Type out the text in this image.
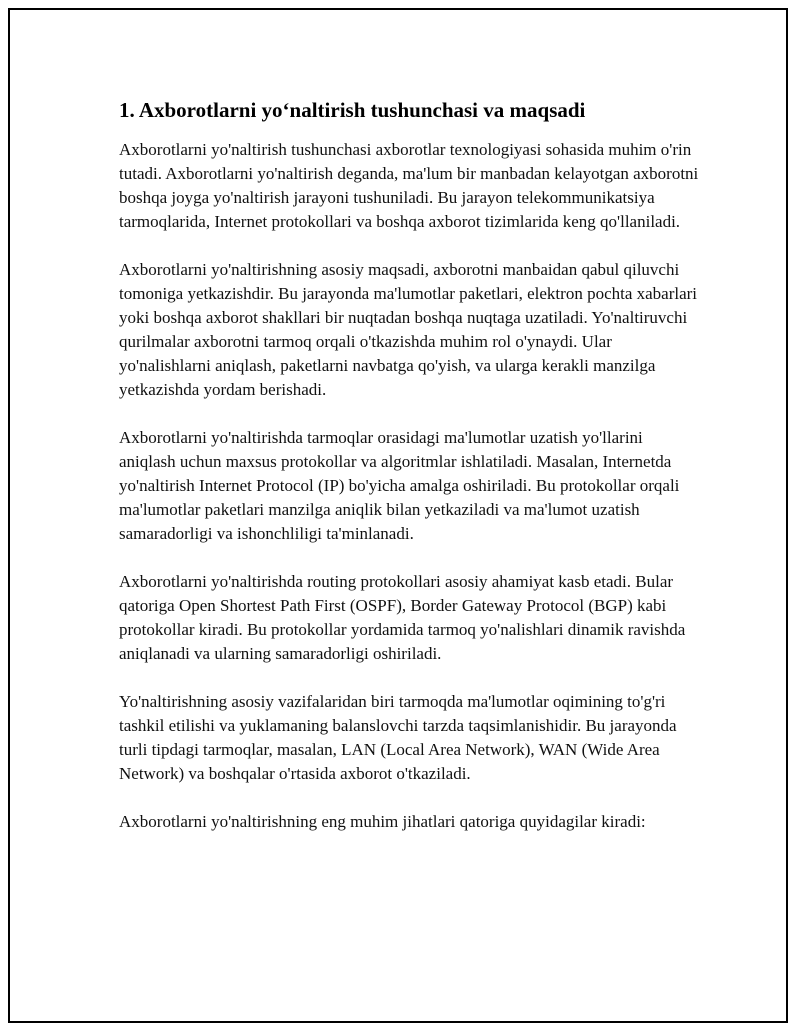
1. Axborotlarni yo‘naltirish tushunchasi va maqsadi

Axborotlarni yo'naltirish tushunchasi axborotlar texnologiyasi sohasida muhim o'rin tutadi. Axborotlarni yo'naltirish deganda, ma'lum bir manbadan kelayotgan axborotni boshqa joyga yo'naltirish jarayoni tushuniladi. Bu jarayon telekommunikatsiya tarmoqlarida, Internet protokollari va boshqa axborot tizimlarida keng qo'llaniladi.

Axborotlarni yo'naltirishning asosiy maqsadi, axborotni manbaidan qabul qiluvchi tomoniga yetkazishdir. Bu jarayonda ma'lumotlar paketlari, elektron pochta xabarlari yoki boshqa axborot shakllari bir nuqtadan boshqa nuqtaga uzatiladi. Yo'naltiruvchi qurilmalar axborotni tarmoq orqali o'tkazishda muhim rol o'ynaydi. Ular yo'nalishlarni aniqlash, paketlarni navbatga qo'yish, va ularga kerakli manzilga yetkazishda yordam berishadi.

Axborotlarni yo'naltirishda tarmoqlar orasidagi ma'lumotlar uzatish yo'llarini aniqlash uchun maxsus protokollar va algoritmlar ishlatiladi. Masalan, Internetda yo'naltirish Internet Protocol (IP) bo'yicha amalga oshiriladi. Bu protokollar orqali ma'lumotlar paketlari manzilga aniqlik bilan yetkaziladi va ma'lumot uzatish samaradorligi va ishonchliligi ta'minlanadi.

Axborotlarni yo'naltirishda routing protokollari asosiy ahamiyat kasb etadi. Bular qatoriga Open Shortest Path First (OSPF), Border Gateway Protocol (BGP) kabi protokollar kiradi. Bu protokollar yordamida tarmoq yo'nalishlari dinamik ravishda aniqlanadi va ularning samaradorligi oshiriladi.

Yo'naltirishning asosiy vazifalaridan biri tarmoqda ma'lumotlar oqimining to'g'ri tashkil etilishi va yuklamaning balanslovchi tarzda taqsimlanishidir. Bu jarayonda turli tipdagi tarmoqlar, masalan, LAN (Local Area Network), WAN (Wide Area Network) va boshqalar o'rtasida axborot o'tkaziladi.

Axborotlarni yo'naltirishning eng muhim jihatlari qatoriga quyidagilar kiradi:
